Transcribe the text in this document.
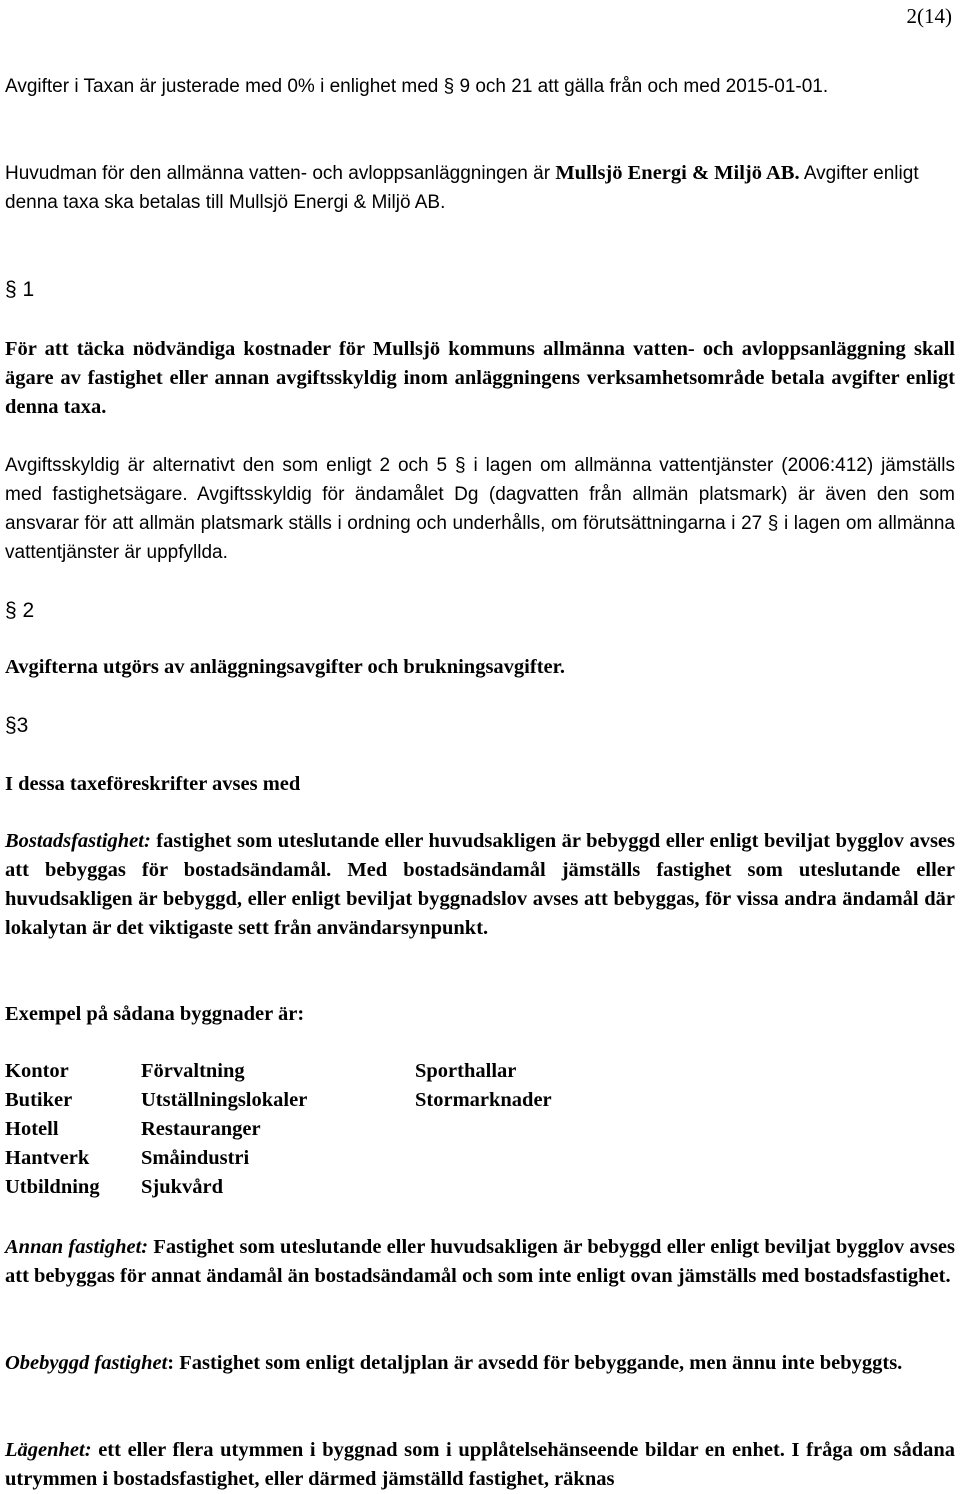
2(14)

Avgifter i Taxan är justerade med 0% i enlighet med § 9 och 21 att gälla från och med 2015-01-01.

Huvudman för den allmänna vatten- och avloppsanläggningen är Mullsjö Energi & Miljö AB. Avgifter enligt denna taxa ska betalas till Mullsjö Energi & Miljö AB.

§ 1
För att täcka nödvändiga kostnader för Mullsjö kommuns allmänna vatten- och avloppsanläggning skall ägare av fastighet eller annan avgiftsskyldig inom anläggningens verksamhetsområde betala avgifter enligt denna taxa.
Avgiftsskyldig är alternativt den som enligt 2 och 5 § i lagen om allmänna vattentjänster (2006:412) jämställs med fastighetsägare. Avgiftsskyldig för ändamålet Dg (dagvatten från allmän platsmark) är även den som ansvarar för att allmän platsmark ställs i ordning och underhålls, om förutsättningarna i 27 § i lagen om allmänna vattentjänster är uppfyllda.
§ 2
Avgifterna utgörs av anläggningsavgifter och brukningsavgifter.
§3
I dessa taxeföreskrifter avses med
Bostadsfastighet: fastighet som uteslutande eller huvudsakligen är bebyggd eller enligt beviljat bygglov avses att bebyggas för bostadsändamål. Med bostadsändamål jämställs fastighet som uteslutande eller huvudsakligen är bebyggd, eller enligt beviljat byggnadslov avses att bebyggas, för vissa andra ändamål där lokalytan är det viktigaste sett från användarsynpunkt.
Exempel på sådana byggnader är:
Kontor	Förvaltning	Sporthallar
Butiker	Utställningslokaler	Stormarknader
Hotell	Restauranger
Hantverk	Småindustri
Utbildning	Sjukvård
Annan fastighet: Fastighet som uteslutande eller huvudsakligen är bebyggd eller enligt beviljat bygglov avses att bebyggas för annat ändamål än bostadsändamål och som inte enligt ovan jämställs med bostadsfastighet.
Obebyggd fastighet: Fastighet som enligt detaljplan är avsedd för bebyggande, men ännu inte bebyggts.
Lägenhet: ett eller flera utymmen i byggnad som i upplåtelsehänseende bildar en enhet. I fråga om sådana utrymmen i bostadsfastighet, eller därmed jämställd fastighet, räknas
